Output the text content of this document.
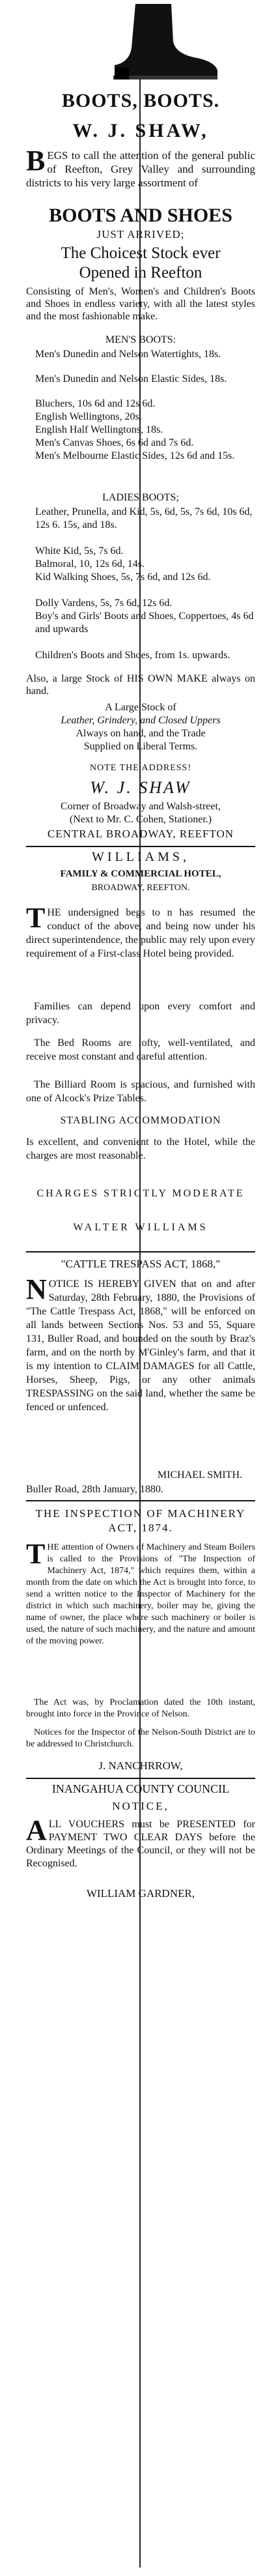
BOOTS, BOOTS.
W. J. SHAW,
BEGS to call the attention of the general public of Reefton, Grey Valley and surrounding districts to his very large assortment of
BOOTS AND SHOES
JUST ARRIVED;
The Choicest Stock ever
Opened in Reefton
Consisting of Men's, Women's and Children's Boots and Shoes in endless variety, with all the latest styles and the most fashionable make.
MEN'S BOOTS:
Men's Dunedin and Nelson Watertights, 18s.
Men's Dunedin and Nelson Elastic Sides, 18s.
Bluchers, 10s 6d and 12s 6d.
English Wellingtons, 20s.
English Half Wellingtons, 18s.
Men's Canvas Shoes, 6s 6d and 7s 6d.
Men's Melbourne Elastic Sides, 12s 6d and 15s.
LADIES BOOTS;
Leather, Prunella, and Kid, 5s, 6d, 5s, 7s 6d, 10s 6d, 12s 6. 15s, and 18s.
White Kid, 5s, 7s 6d.
Balmoral, 10, 12s 6d, 14s.
Kid Walking Shoes, 5s, 7s 6d, and 12s 6d.
Dolly Vardens, 5s, 7s 6d, 12s 6d.
Boy's and Girls' Boots and Shoes, Coppertoes, 4s 6d and upwards
Children's Boots and Shoes, from 1s. upwards.
Also, a large Stock of HIS OWN MAKE always on hand.
A Large Stock of
Leather, Grindery, and Closed Uppers
Always on hand, and the Trade
Supplied on Liberal Terms.
NOTE THE ADDRESS!
W. J. SHAW
Corner of Broadway and Walsh-street,
(Next to Mr. C. Cohen, Stationer.)
CENTRAL BROADWAY, REEFTON
WILLIAMS,
FAMILY & COMMERCIAL HOTEL,
BROADWAY, REEFTON.
THE undersigned begs to n has resumed the conduct of the above, and being now under his direct superintendence, the public may rely upon every requirement of a First-class Hotel being provided.
Families can depend upon every comfort and privacy.
The Bed Rooms are lofty, well-ventilated, and receive most constant and careful attention.
The Billiard Room is spacious, and furnished with one of Alcock's Prize Tables.
STABLING ACCOMMODATION
Is excellent, and convenient to the Hotel, while the charges are most reasonable.
CHARGES STRICTLY MODERATE
WALTER WILLIAMS
"CATTLE TRESPASS ACT, 1868,"
NOTICE IS HEREBY GIVEN that on and after Saturday, 28th February, 1880, the Provisions of "The Cattle Trespass Act, 1868," will be enforced on all lands between Sections Nos. 53 and 55, Square 131, Buller Road, and bounded on the south by Braz's farm, and on the north by M'Ginley's farm, and that it is my intention to CLAIM DAMAGES for all Cattle, Horses, Sheep, Pigs, or any other animals TRESPASSING on the said land, whether the same be fenced or unfenced.
MICHAEL SMITH.
Buller Road, 28th January, 1880.
THE INSPECTION OF MACHINERY ACT, 1874.
THE attention of Owners of Machinery and Steam Boilers is called to the Provisions of "The Inspection of Machinery Act, 1874," which requires them, within a month from the date on which the Act is brought into force, to send a written notice to the Inspector of Machinery for the district in which such machinery, boiler may be, giving the name of owner, the place where such machinery or boiler is used, the nature of such machinery, and the nature and amount of the moving power.
The Act was, by Proclamation dated the 10th instant, brought into force in the Province of Nelson.
Notices for the Inspector of the Nelson-South District are to be addressed to Christchurch.
J. NANCHRROW,
INANGAHUA COUNTY COUNCIL
NOTICE,
ALL VOUCHERS must be PRESENTED for PAYMENT TWO CLEAR DAYS before the Ordinary Meetings of the Council, or they will not be Recognised.
WILLIAM GARDNER,
